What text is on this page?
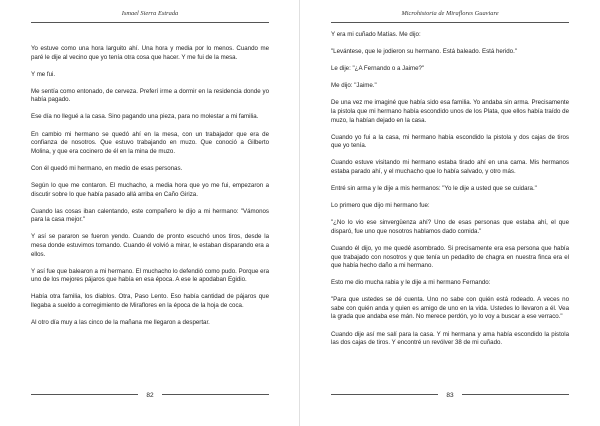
Ismael Sierra Estrada

Yo estuve como una hora larguito ahí. Una hora y media por lo menos. Cuando me paré le dije al vecino que yo tenía otra cosa que hacer. Y me fui de la mesa.

Y me fui.

Me sentía como entonado, de cerveza. Preferí irme a dormir en la residencia donde yo había pagado.

Ese día no llegué a la casa. Sino pagando una pieza, para no molestar a mi familia.

En cambio mi hermano se quedó ahí en la mesa, con un trabajador que era de confianza de nosotros. Que estuvo trabajando en muzo. Que conoció a Gilberto Molina, y que era cocinero de él en la mina de muzo.

Con él quedó mi hermano, en medio de esas personas.

Según lo que me contaron. El muchacho, a media hora que yo me fui, empezaron a discutir sobre lo que había pasado allá arriba en Caño Giriza.

Cuando las cosas iban calentando, este compañero le dijo a mi hermano: "Vámonos para la casa mejor."

Y así se pararon se fueron yendo. Cuando de pronto escuchó unos tiros, desde la mesa donde estuvimos tomando. Cuando él volvió a mirar, le estaban disparando era a ellos.

Y así fue que balearon a mi hermano. El muchacho lo defendió como pudo. Porque era uno de los mejores pájaros que había en esa época. A ese le apodaban Egidio.

Había otra familia, los diablos. Otra, Paso Lento. Eso había cantidad de pájaros que llegaba a sueldo a corregimiento de Miraflores en la época de la hoja de coca.

Al otro día muy a las cinco de la mañana me llegaron a despertar.

82
Microhistoria de Miraflores Guaviare

Y era mi cuñado Matías. Me dijo:

"Levántese, que le jodieron su hermano. Está baleado. Está herido."

Le dije: "¿A Fernando o a Jaime?"

Me dijo: "Jaime."

De una vez me imaginé que había sido esa familia. Yo andaba sin arma. Precisamente la pistola que mi hermano había escondido unos de los Plata, que ellos había traído de muzo, la habían dejado en la casa.

Cuando yo fui a la casa, mi hermano había escondido la pistola y dos cajas de tiros que yo tenía.

Cuando estuve visitando mi hermano estaba tirado ahí en una cama. Mis hermanos estaba parado ahí, y el muchacho que lo había salvado, y otro más.

Entré sin arma y le dije a mis hermanos: "Yo le dije a usted que se cuidara."

Lo primero que dijo mi hermano fue:

"¿No lo vio ese sinvergüenza ahí? Uno de esas personas que estaba ahí, el que disparó, fue uno que nosotros hablamos dado comida."

Cuando él dijo, yo me quedé asombrado. Si precisamente era esa persona que había que trabajado con nosotros y que tenía un pedadito de chagra en nuestra finca era el que había hecho daño a mi hermano.

Esto me dio mucha rabia y le dije a mi hermano Fernando:

"Para que ustedes se dé cuenta. Uno no sabe con quién está rodeado. A veces no sabe con quién anda y quien es amigo de uno en la vida. Ustedes lo llevaron a él. Vea la grada que andaba ese mán. No merece perdón, yo lo voy a buscar a ese verraco."

Cuando dije así me salí para la casa. Y mi hermana y ama había escondido la pistola las dos cajas de tiros. Y encontré un revólver 38 de mi cuñado.

83
